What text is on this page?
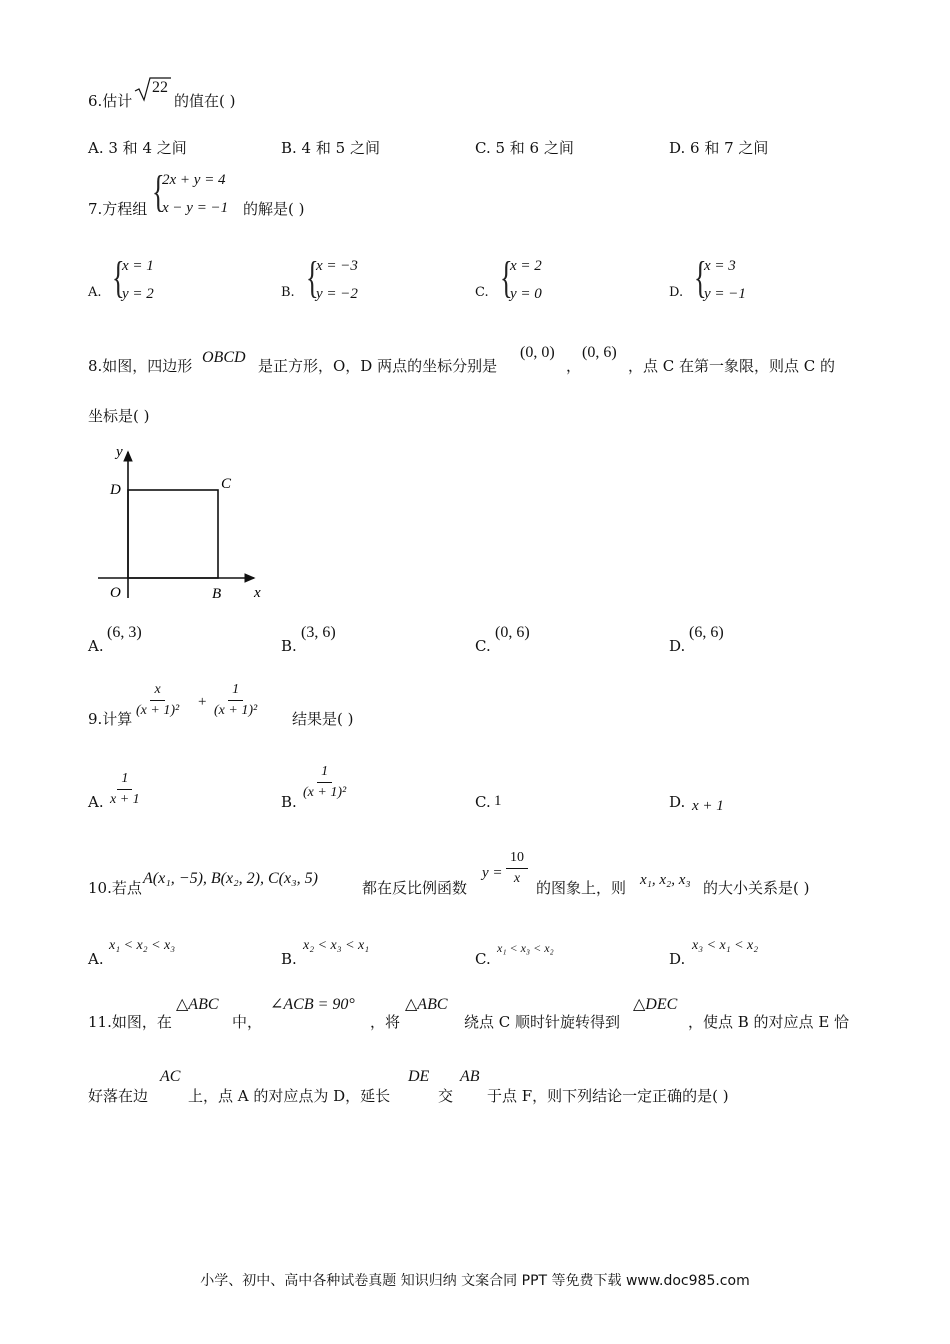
6.估计
22
的值在( )
A. 3 和 4 之间	B. 4 和 5 之间	C. 5 和 6 之间	D. 6 和 7 之间
7.方程组 {
2x + y = 4
x − y = −1 的解是( )
A. {
x = 1
y = 2	B. {
x = −3
y = −2	C. {
x = 2
y = 0	D. {
x = 3
y = −1
8.如图，四边形 OBCD 是正方形，O，D 两点的坐标分别是
(0, 0)
，
(0, 6)
，点 C 在第一象限，则点 C 的
坐标是( )
y
x
D	C
O	B
A.
(6, 3)
B.
(3, 6)
C.
(0, 6)
D.
(6, 6)
9.计算 $\frac{x}{\text{(x + 1)²}} + \frac{1}{\text{(x + 1)²}}$ 结果是( )
A. $\frac{1}{x + 1}$	B.
$\frac{1}{\text{(x + 1)²}}$
C. 1	D. x + 1
10.若点
A(x₁, −5), B(x₂, 2), C(x₃, 5)
都在反比例函数
$y = \frac{10}{x}$
的图象上，则 x₁, x₂, x₃ 的大小关系是( )
A.
x₁ < x₂ < x₃
B.
x₂ < x₃ < x₁
C.
x₁ < x₃ < x₂
D.
x₃ < x₁ < x₂
11.如图，在
△ABC
中，
∠ACB = 90°
，将
△ABC
绕点 C 顺时针旋转得到
△DEC
，使点 B 的对应点 E 恰
好落在边
AC
上，点 A 的对应点为 D，延长
DE
交
AB
于点 F，则下列结论一定正确的是( )
小学、初中、高中各种试卷真题 知识归纳 文案合同 PPT 等免费下载 www.doc985.com
